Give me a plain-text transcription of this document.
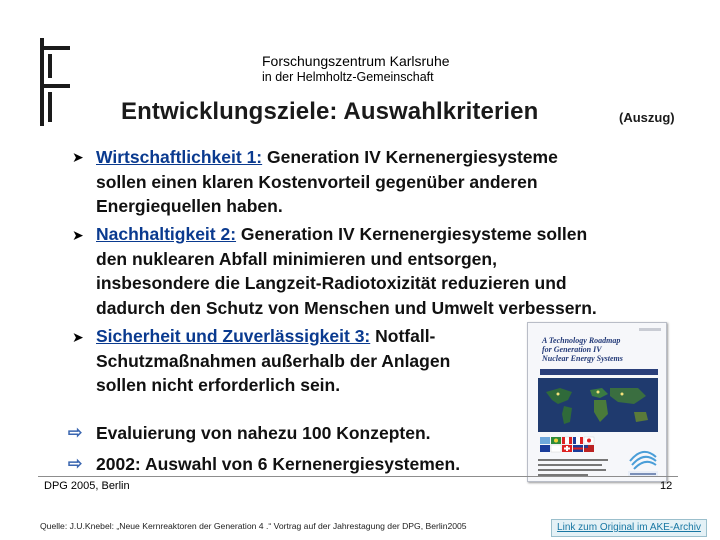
Forschungszentrum Karlsruhe
in der Helmholtz-Gemeinschaft
Entwicklungsziele: Auswahlkriterien	(Auszug)
➤ Wirtschaftlichkeit 1: Generation IV Kernenergiesysteme
sollen einen klaren Kostenvorteil gegenüber anderen
Energiequellen haben.
➤ Nachhaltigkeit 2: Generation IV Kernenergiesysteme sollen
den nuklearen Abfall minimieren und entsorgen,
insbesondere die Langzeit-Radiotoxizität reduzieren und
dadurch den Schutz von Menschen und Umwelt verbessern.
➤ Sicherheit und Zuverlässigkeit 3: Notfall-
Schutzmaßnahmen außerhalb der Anlagen
sollen nicht erforderlich sein.
⇨ Evaluierung von nahezu 100 Konzepten.
⇨ 2002: Auswahl von 6 Kernenergiesystemen.
A Technology Roadmap
for Generation IV
Nuclear Energy Systems
DPG 2005, Berlin	12
Quelle: J.U.Knebel: „Neue Kernreaktoren der Generation 4 .“ Vortrag auf der Jahrestagung der DPG, Berlin2005	Link zum Original im AKE-Archiv
